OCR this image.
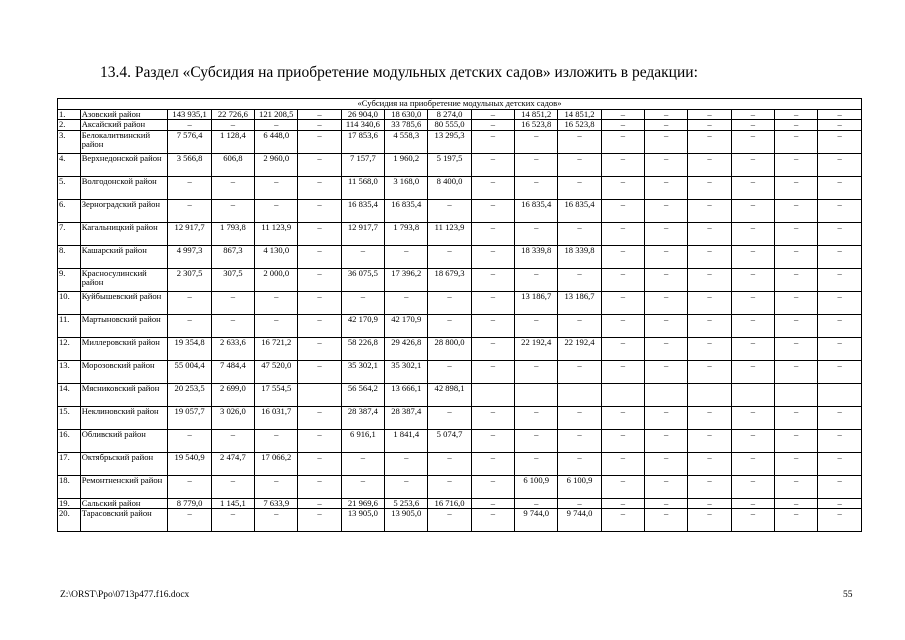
13.4. Раздел «Субсидия на приобретение модульных детских садов» изложить в редакции:
«Субсидия на приобретение модульных детских садов»																	
1.	Азовский район	143 935,1	22 726,6	121 208,5	–	26 904,0	18 630,0	8 274,0	–	14 851,2	14 851,2	–	–	–	–	–	–
2.	Аксайский район	–	–	–	–	114 340,6	33 785,6	80 555,0	–	16 523,8	16 523,8	–	–	–	–	–	–
3.	Белокалитвинский район	7 576,4	1 128,4	6 448,0	–	17 853,6	4 558,3	13 295,3	–	–	–	–	–	–	–	–	–
4.	Верхнедонской район	3 566,8	606,8	2 960,0	–	7 157,7	1 960,2	5 197,5	–	–	–	–	–	–	–	–	–
5.	Волгодонской район	–	–	–	–	11 568,0	3 168,0	8 400,0	–	–	–	–	–	–	–	–	–
6.	Зерноградский район	–	–	–	–	16 835,4	16 835,4	–	–	16 835,4	16 835,4	–	–	–	–	–	–
7.	Кагальницкий район	12 917,7	1 793,8	11 123,9	–	12 917,7	1 793,8	11 123,9	–	–	–	–	–	–	–	–	–
8.	Кашарский район	4 997,3	867,3	4 130,0	–	–	–	–	–	18 339,8	18 339,8	–	–	–	–	–	–
9.	Красносулинский район	2 307,5	307,5	2 000,0	–	36 075,5	17 396,2	18 679,3	–	–	–	–	–	–	–	–	–
10.	Куйбышевский район	–	–	–	–	–	–	–	–	13 186,7	13 186,7	–	–	–	–	–	–
11.	Мартыновский район	–	–	–	–	42 170,9	42 170,9	–	–	–	–	–	–	–	–	–	–
12.	Миллеровский район	19 354,8	2 633,6	16 721,2	–	58 226,8	29 426,8	28 800,0	–	22 192,4	22 192,4	–	–	–	–	–	–
13.	Морозовский район	55 004,4	7 484,4	47 520,0	–	35 302,1	35 302,1	–	–	–	–	–	–	–	–	–	–
14.	Мясниковский район	20 253,5	2 699,0	17 554,5		56 564,2	13 666,1	42 898,1									
15.	Неклиновский район	19 057,7	3 026,0	16 031,7	–	28 387,4	28 387,4	–	–	–	–	–	–	–	–	–	–
16.	Обливский район	–	–	–	–	6 916,1	1 841,4	5 074,7	–	–	–	–	–	–	–	–	–
17.	Октябрьский район	19 540,9	2 474,7	17 066,2	–	–	–	–	–	–	–	–	–	–	–	–	–
18.	Ремонтненский район	–	–	–	–	–	–	–	–	6 100,9	6 100,9	–	–	–	–	–	–
19.	Сальский район	8 779,0	1 145,1	7 633,9	–	21 969,6	5 253,6	16 716,0	–	–	–	–	–	–	–	–	–
20.	Тарасовский район	–	–	–	–	13 905,0	13 905,0	–	–	9 744,0	9 744,0	–	–	–	–	–	–
Z:\ORST\Ppo\0713p477.f16.docx	55
